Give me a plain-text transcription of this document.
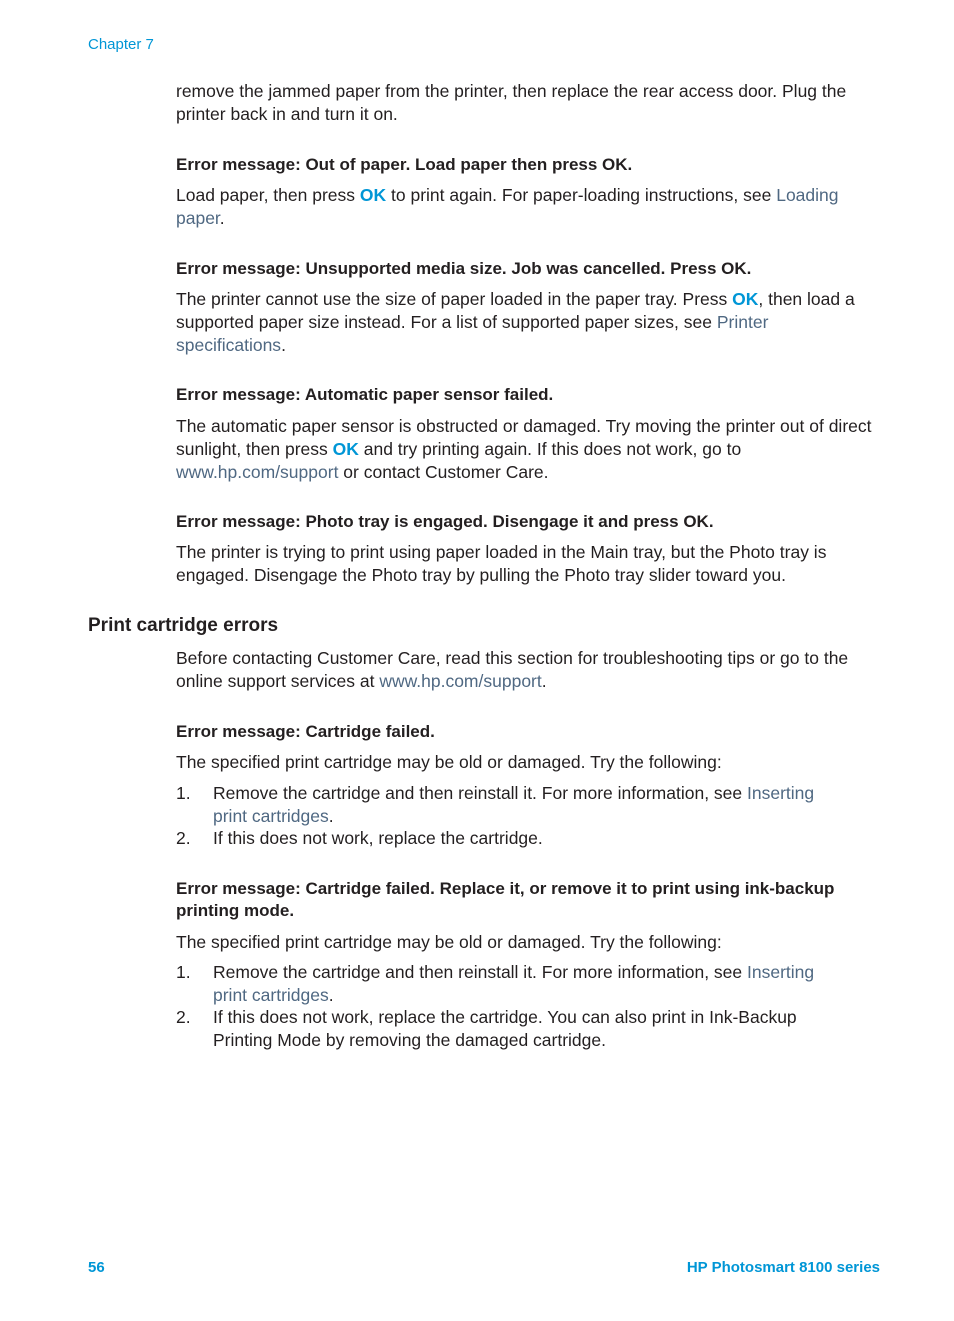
Chapter 7
remove the jammed paper from the printer, then replace the rear access door. Plug the printer back in and turn it on.
Error message: Out of paper. Load paper then press OK.
Load paper, then press OK to print again. For paper-loading instructions, see Loading paper.
Error message: Unsupported media size. Job was cancelled. Press OK.
The printer cannot use the size of paper loaded in the paper tray. Press OK, then load a supported paper size instead. For a list of supported paper sizes, see Printer specifications.
Error message: Automatic paper sensor failed.
The automatic paper sensor is obstructed or damaged. Try moving the printer out of direct sunlight, then press OK and try printing again. If this does not work, go to www.hp.com/support or contact Customer Care.
Error message: Photo tray is engaged. Disengage it and press OK.
The printer is trying to print using paper loaded in the Main tray, but the Photo tray is engaged. Disengage the Photo tray by pulling the Photo tray slider toward you.
Print cartridge errors
Before contacting Customer Care, read this section for troubleshooting tips or go to the online support services at www.hp.com/support.
Error message: Cartridge failed.
The specified print cartridge may be old or damaged. Try the following:
1. Remove the cartridge and then reinstall it. For more information, see Inserting print cartridges.
2. If this does not work, replace the cartridge.
Error message: Cartridge failed. Replace it, or remove it to print using ink-backup printing mode.
The specified print cartridge may be old or damaged. Try the following:
1. Remove the cartridge and then reinstall it. For more information, see Inserting print cartridges.
2. If this does not work, replace the cartridge. You can also print in Ink-Backup Printing Mode by removing the damaged cartridge.
56	HP Photosmart 8100 series
